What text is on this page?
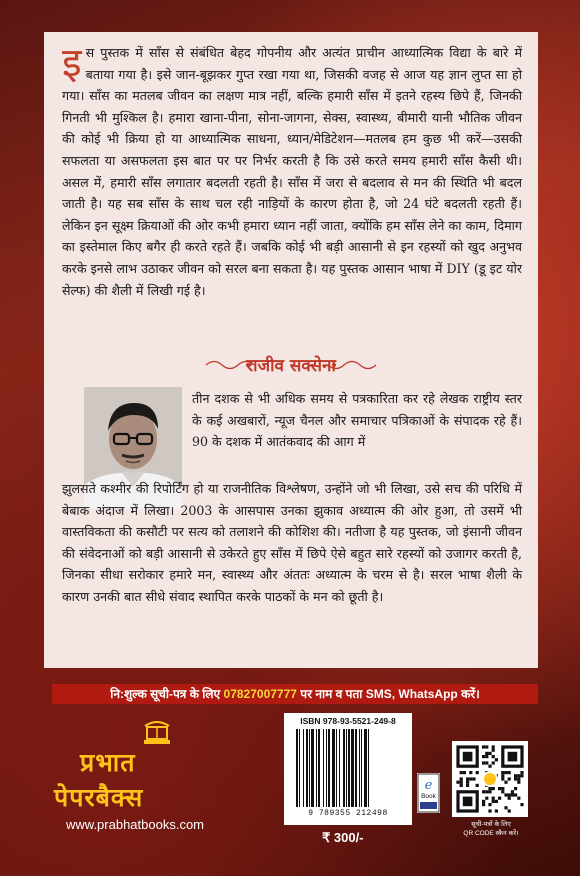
इस पुस्तक में साँस से संबंधित बेहद गोपनीय और अत्यंत प्राचीन आध्यात्मिक विद्या के बारे में बताया गया है। इसे जान-बूझकर गुप्त रखा गया था, जिसकी वजह से आज यह ज्ञान लुप्त सा हो गया। साँस का मतलब जीवन का लक्षण मात्र नहीं, बल्कि हमारी साँस में इतने रहस्य छिपे हैं, जिनकी गिनती भी मुश्किल है। हमारा खाना-पीना, सोना-जागना, सेक्स, स्वास्थ्य, बीमारी यानी भौतिक जीवन की कोई भी क्रिया हो या आध्यात्मिक साधना, ध्यान/मेडिटेशन—मतलब हम कुछ भी करें—उसकी सफलता या असफलता इस बात पर पर निर्भर करती है कि उसे करते समय हमारी साँस कैसी थी। असल में, हमारी साँस लगातार बदलती रहती है। साँस में जरा से बदलाव से मन की स्थिति भी बदल जाती है। यह सब साँस के साथ चल रही नाड़ियों के कारण होता है, जो 24 घंटे बदलती रहती हैं। लेकिन इन सूक्ष्म क्रियाओं की ओर कभी हमारा ध्यान नहीं जाता, क्योंकि हम साँस लेने का काम, दिमाग का इस्तेमाल किए बगैर ही करते रहते हैं। जबकि कोई भी बड़ी आसानी से इन रहस्यों को खुद अनुभव करके इनसे लाभ उठाकर जीवन को सरल बना सकता है। यह पुस्तक आसान भाषा में DIY (डू इट योर सेल्फ) की शैली में लिखी गई है।

राजीव सक्सेना

तीन दशक से भी अधिक समय से पत्रकारिता कर रहे लेखक राष्ट्रीय स्तर के कई अखबारों, न्यूज चैनल और समाचार पत्रिकाओं के संपादक रहे हैं। 90 के दशक में आतंकवाद की आग में

झुलसते कश्मीर की रिपोर्टिंग हो या राजनीतिक विश्लेषण, उन्होंने जो भी लिखा, उसे सच की परिधि में बेबाक अंदाज में लिखा। 2003 के आसपास उनका झुकाव अध्यात्म की ओर हुआ, तो उसमें भी वास्तविकता की कसौटी पर सत्य को तलाशने की कोशिश की। नतीजा है यह पुस्तक, जो इंसानी जीवन की संवेदनाओं को बड़ी आसानी से उकेरते हुए साँस में छिपे ऐसे बहुत सारे रहस्यों को उजागर करती है, जिनका सीधा सरोकार हमारे मन, स्वास्थ्य और अंततः अध्यात्म के चरम से है। सरल भाषा शैली के कारण उनकी बात सीधे संवाद स्थापित करके पाठकों के मन को छूती है।

नि:शुल्क सूची-पत्र के लिए 07827007777 पर नाम व पता SMS, WhatsApp करें।

प्रभात

पेपरबैक्स

www.prabhatbooks.com

ISBN 978-93-5521-249-8
9 789355 212498
₹ 300/-
e
Book
सूची-पत्रों के लिए
QR CODE स्कैन करें।
